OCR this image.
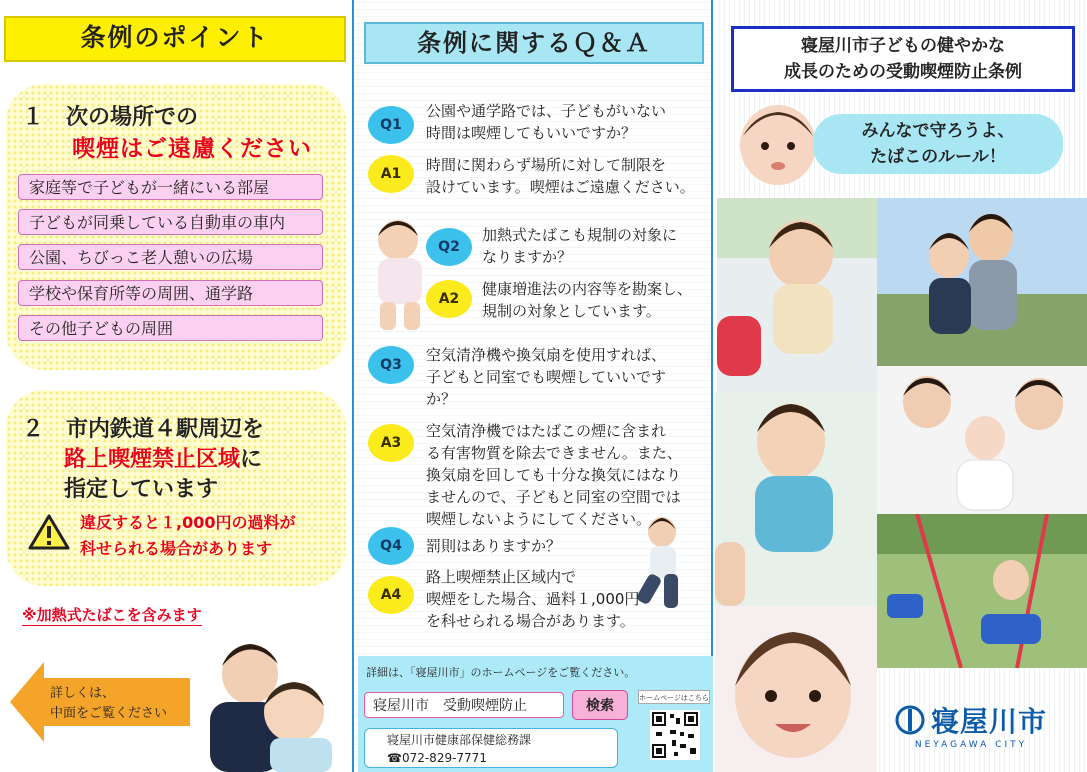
条例のポイント
１ 次の場所での
喫煙はご遠慮ください
家庭等で子どもが一緒にいる部屋
子どもが同乗している自動車の車内
公園、ちびっこ老人憩いの広場
学校や保育所等の周囲、通学路
その他子どもの周囲
２ 市内鉄道４駅周辺を
路上喫煙禁止区域に
指定しています
違反すると１,000円の過料が
科せられる場合があります
※加熱式たばこを含みます
詳しくは、
中面をご覧ください
条例に関するＱ＆Ａ
Q1
公園や通学路では、子どもがいない
時間は喫煙してもいいですか？
A1	時間に関わらず場所に対して制限を
設けています。喫煙はご遠慮ください。
Q2
加熱式たばこも規制の対象に
なりますか？
A2
健康増進法の内容等を勘案し、
規制の対象としています。
Q3
空気清浄機や換気扇を使用すれば、
子どもと同室でも喫煙していいです
か？
A3
空気清浄機ではたばこの煙に含まれ
る有害物質を除去できません。また、
換気扇を回しても十分な換気にはなり
ませんので、子どもと同室の空間では
喫煙しないようにしてください。
Q4	罰則はありますか？
A4
路上喫煙禁止区域内で
喫煙をした場合、過料１,000円
を科せられる場合があります。
詳細は、「寝屋川市」のホームページをご覧ください。
寝屋川市　受動喫煙防止	検索	ホームページはこちら
寝屋川市健康部保健総務課
☎072-829-7771
寝屋川市子どもの健やかな
成長のための受動喫煙防止条例
みんなで守ろうよ、
たばこのルール！
寝屋川市
NEYAGAWA CITY
